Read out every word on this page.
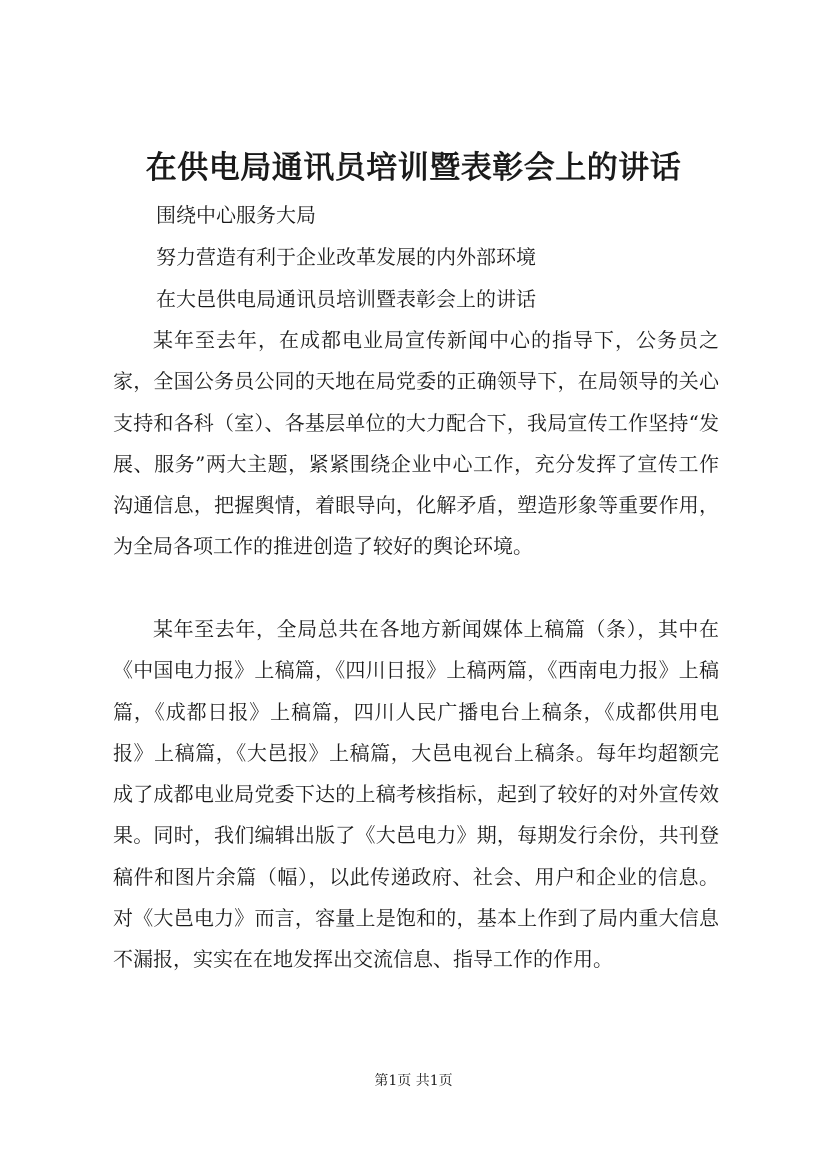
在供电局通讯员培训暨表彰会上的讲话

围绕中心服务大局

努力营造有利于企业改革发展的内外部环境

在大邑供电局通讯员培训暨表彰会上的讲话

某年至去年，在成都电业局宣传新闻中心的指导下，公务员之家，全国公务员公同的天地在局党委的正确领导下，在局领导的关心支持和各科（室）、各基层单位的大力配合下，我局宣传工作坚持“发展、服务”两大主题，紧紧围绕企业中心工作，充分发挥了宣传工作沟通信息，把握舆情，着眼导向，化解矛盾，塑造形象等重要作用，为全局各项工作的推进创造了较好的舆论环境。

某年至去年，全局总共在各地方新闻媒体上稿篇（条），其中在《中国电力报》上稿篇，《四川日报》上稿两篇，《西南电力报》上稿篇，《成都日报》上稿篇，四川人民广播电台上稿条，《成都供用电报》上稿篇，《大邑报》上稿篇，大邑电视台上稿条。每年均超额完成了成都电业局党委下达的上稿考核指标，起到了较好的对外宣传效果。同时，我们编辑出版了《大邑电力》期，每期发行余份，共刊登稿件和图片余篇（幅），以此传递政府、社会、用户和企业的信息。对《大邑电力》而言，容量上是饱和的，基本上作到了局内重大信息不漏报，实实在在地发挥出交流信息、指导工作的作用。

第1页 共1页
